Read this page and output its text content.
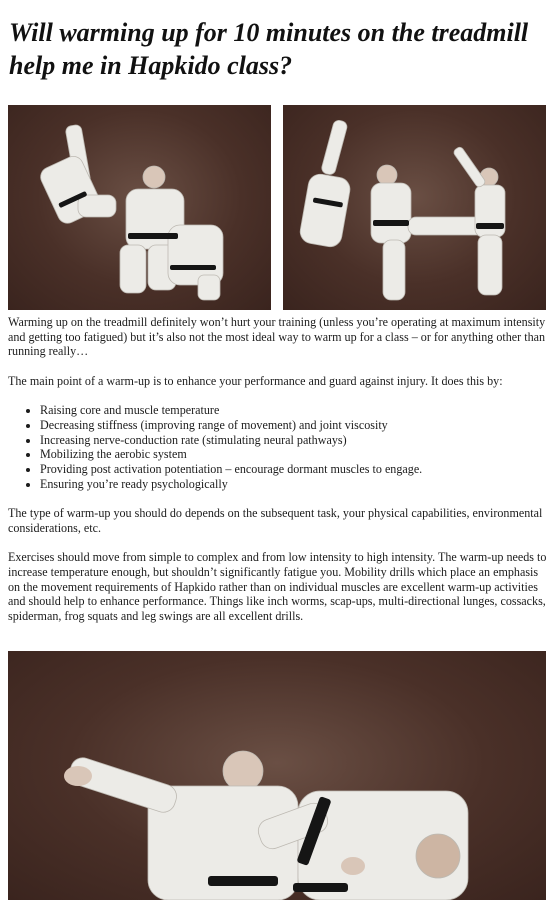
Will warming up for 10 minutes on the treadmill help me in Hapkido class?

Warming up on the treadmill definitely won’t hurt your training (unless you’re operating at maximum intensity and getting too fatigued) but it’s also not the most ideal way to warm up for a class – or for anything other than running really…

The main point of a warm-up is to enhance your performance and guard against injury. It does this by:

• Raising core and muscle temperature
• Decreasing stiffness (improving range of movement) and joint viscosity
• Increasing nerve-conduction rate (stimulating neural pathways)
• Mobilizing the aerobic system
• Providing post activation potentiation – encourage dormant muscles to engage.
• Ensuring you’re ready psychologically

The type of warm-up you should do depends on the subsequent task, your physical capabilities, environmental considerations, etc.

Exercises should move from simple to complex and from low intensity to high intensity. The warm-up needs to increase temperature enough, but shouldn’t significantly fatigue you. Mobility drills which place an emphasis on the movement requirements of Hapkido rather than on individual muscles are excellent warm-up activities and should help to enhance performance. Things like inch worms, scap-ups, multi-directional lunges, cossacks, spiderman, frog squats and leg swings are all excellent drills.
